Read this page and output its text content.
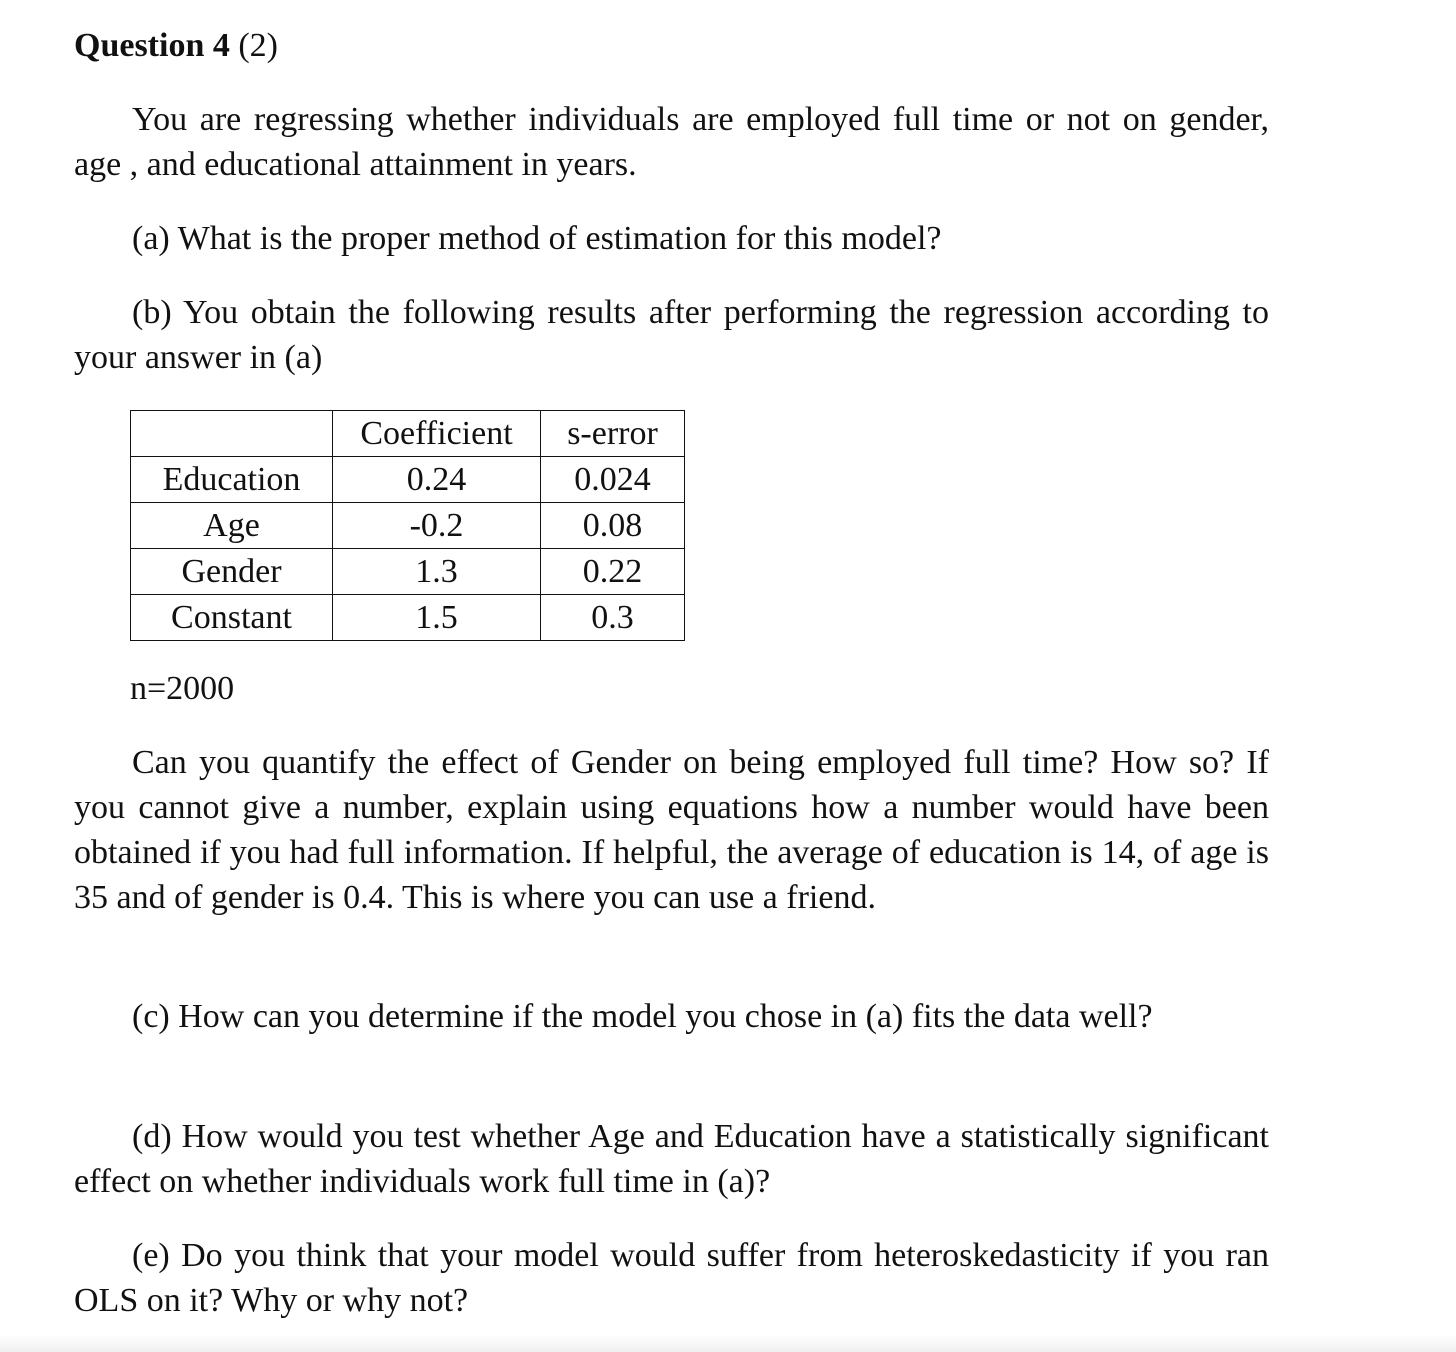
Question 4 (2)

You are regressing whether individuals are employed full time or not on gender, age , and educational attainment in years.

(a) What is the proper method of estimation for this model?

(b) You obtain the following results after performing the regression according to your answer in (a)

	Coefficient	s-error
Education	0.24	0.024
Age	-0.2	0.08
Gender	1.3	0.22
Constant	1.5	0.3
n=2000

Can you quantify the effect of Gender on being employed full time? How so? If you cannot give a number, explain using equations how a number would have been obtained if you had full information. If helpful, the average of education is 14, of age is 35 and of gender is 0.4. This is where you can use a friend.

(c) How can you determine if the model you chose in (a) fits the data well?

(d) How would you test whether Age and Education have a statistically significant effect on whether individuals work full time in (a)?

(e) Do you think that your model would suffer from heteroskedasticity if you ran OLS on it? Why or why not?
